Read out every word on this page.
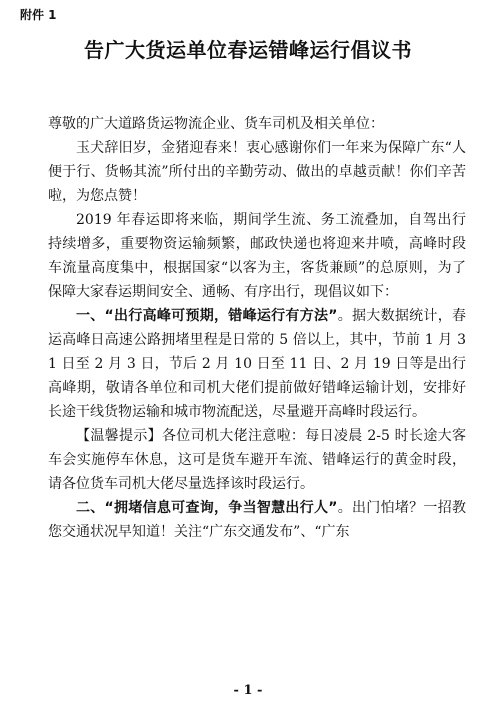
附件 1
告广大货运单位春运错峰运行倡议书

尊敬的广大道路货运物流企业、货车司机及相关单位：

玉犬辞旧岁，金猪迎春来！衷心感谢你们一年来为保障广东“人便于行、货畅其流”所付出的辛勤劳动、做出的卓越贡献！你们辛苦啦，为您点赞！

2019 年春运即将来临，期间学生流、务工流叠加，自驾出行持续增多，重要物资运输频繁，邮政快递也将迎来井喷，高峰时段车流量高度集中，根据国家“以客为主，客货兼顾”的总原则，为了保障大家春运期间安全、通畅、有序出行，现倡议如下：

一、“出行高峰可预期，错峰运行有方法”。据大数据统计，春运高峰日高速公路拥堵里程是日常的 5 倍以上，其中，节前 1 月 31 日至 2 月 3 日，节后 2 月 10 日至 11 日、2 月 19 日等是出行高峰期，敬请各单位和司机大佬们提前做好错峰运输计划，安排好长途干线货物运输和城市物流配送，尽量避开高峰时段运行。

【温馨提示】各位司机大佬注意啦：每日凌晨 2-5 时长途大客车会实施停车休息，这可是货车避开车流、错峰运行的黄金时段，请各位货车司机大佬尽量选择该时段运行。

二、“拥堵信息可查询，争当智慧出行人”。出门怕堵？一招教您交通状况早知道！关注“广东交通发布”、“广东

- 1 -
